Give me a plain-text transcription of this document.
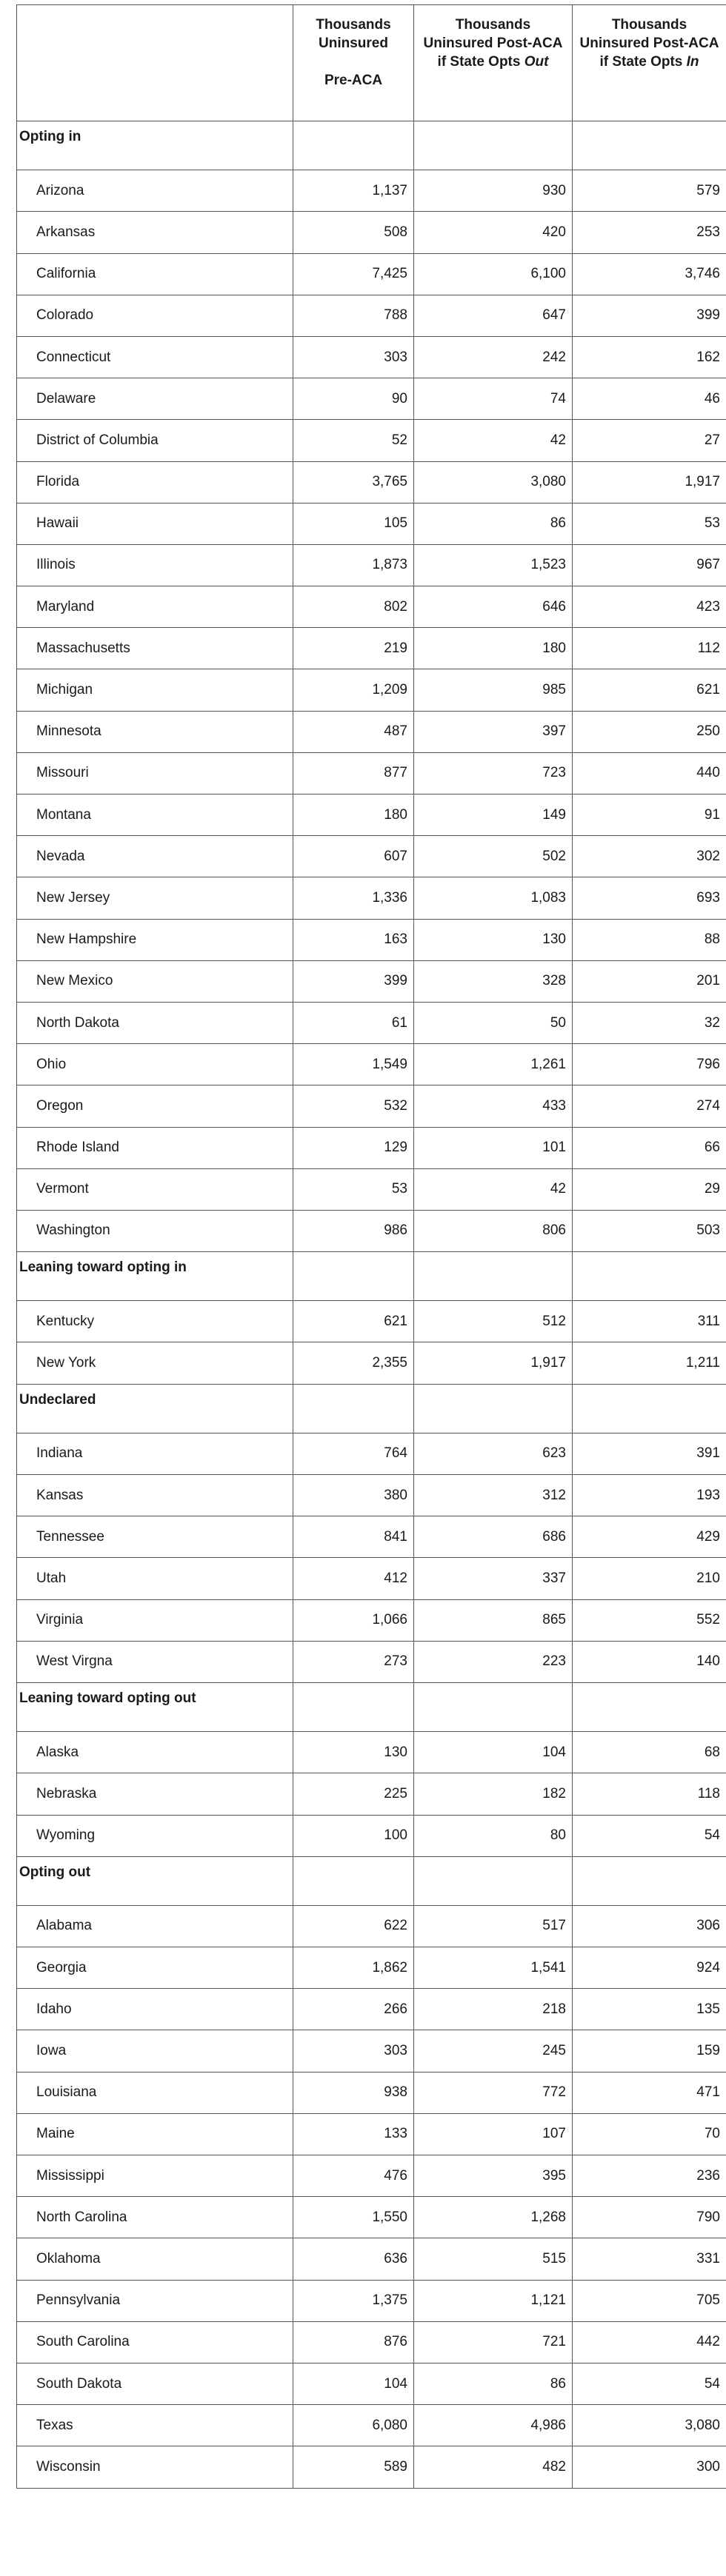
	Thousands
Uninsured
Pre-ACA	Thousands
Uninsured Post-ACA
if State Opts Out	Thousands
Uninsured Post-ACA
if State Opts In

Opting in			
Arizona	1,137	930	579
Arkansas	508	420	253
California	7,425	6,100	3,746
Colorado	788	647	399
Connecticut	303	242	162
Delaware	90	74	46
District of Columbia	52	42	27
Florida	3,765	3,080	1,917
Hawaii	105	86	53
Illinois	1,873	1,523	967
Maryland	802	646	423
Massachusetts	219	180	112
Michigan	1,209	985	621
Minnesota	487	397	250
Missouri	877	723	440
Montana	180	149	91
Nevada	607	502	302
New Jersey	1,336	1,083	693
New Hampshire	163	130	88
New Mexico	399	328	201
North Dakota	61	50	32
Ohio	1,549	1,261	796
Oregon	532	433	274
Rhode Island	129	101	66
Vermont	53	42	29
Washington	986	806	503
Leaning toward opting in			
Kentucky	621	512	311
New York	2,355	1,917	1,211
Undeclared			
Indiana	764	623	391
Kansas	380	312	193
Tennessee	841	686	429
Utah	412	337	210
Virginia	1,066	865	552
West Virgna	273	223	140
Leaning toward opting out			
Alaska	130	104	68
Nebraska	225	182	118
Wyoming	100	80	54
Opting out			
Alabama	622	517	306
Georgia	1,862	1,541	924
Idaho	266	218	135
Iowa	303	245	159
Louisiana	938	772	471
Maine	133	107	70
Mississippi	476	395	236
North Carolina	1,550	1,268	790
Oklahoma	636	515	331
Pennsylvania	1,375	1,121	705
South Carolina	876	721	442
South Dakota	104	86	54
Texas	6,080	4,986	3,080
Wisconsin	589	482	300
